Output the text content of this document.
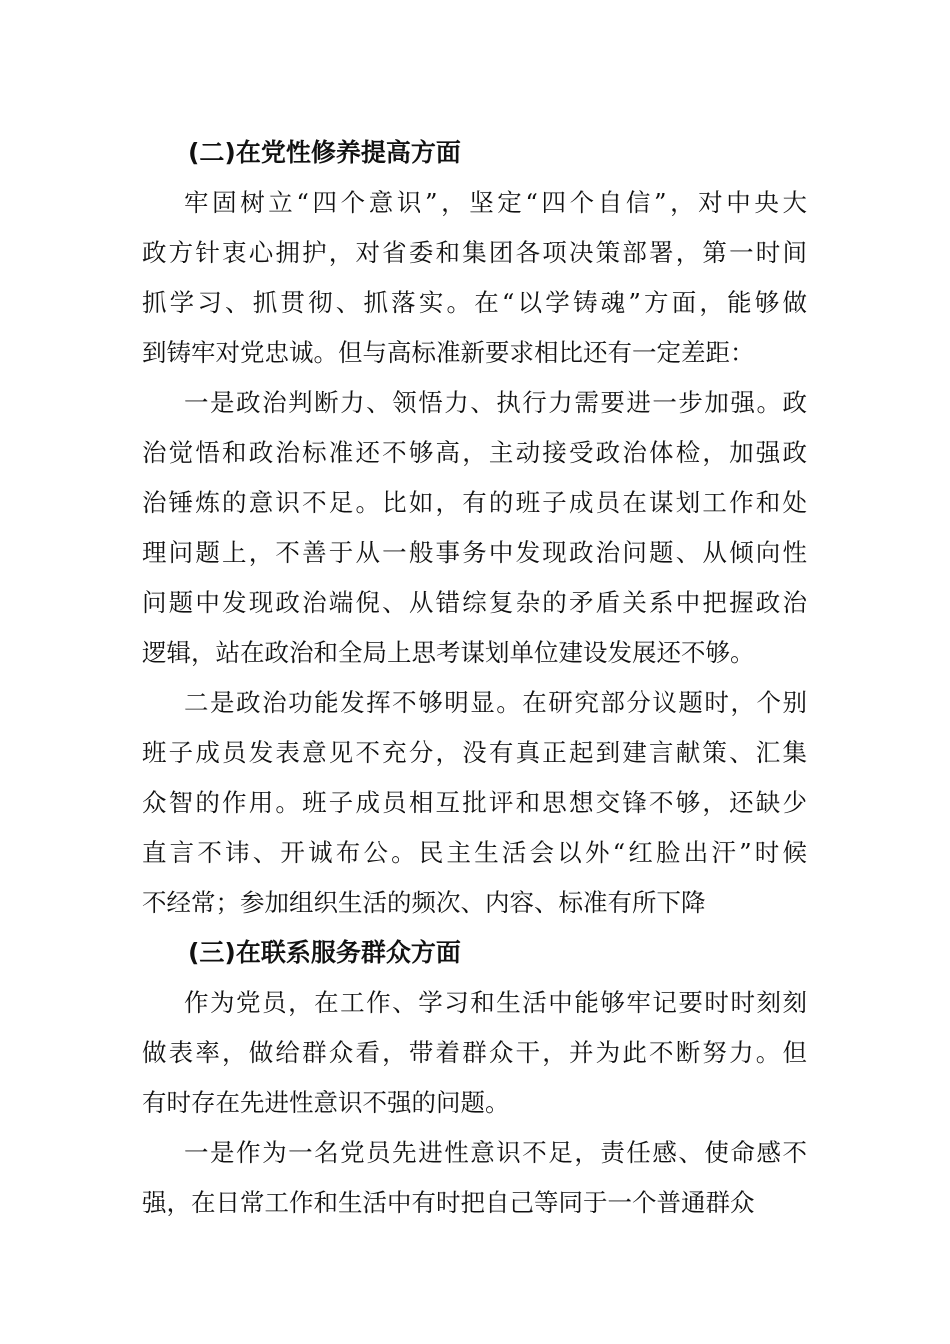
(二)在党性修养提高方面
牢固树立“四个意识”，坚定“四个自信”，对中央大
政方针衷心拥护，对省委和集团各项决策部署，第一时间
抓学习、抓贯彻、抓落实。在“以学铸魂”方面，能够做
到铸牢对党忠诚。但与高标准新要求相比还有一定差距：
一是政治判断力、领悟力、执行力需要进一步加强。政
治觉悟和政治标准还不够高，主动接受政治体检，加强政
治锤炼的意识不足。比如，有的班子成员在谋划工作和处
理问题上，不善于从一般事务中发现政治问题、从倾向性
问题中发现政治端倪、从错综复杂的矛盾关系中把握政治
逻辑，站在政治和全局上思考谋划单位建设发展还不够。
二是政治功能发挥不够明显。在研究部分议题时，个别
班子成员发表意见不充分，没有真正起到建言献策、汇集
众智的作用。班子成员相互批评和思想交锋不够，还缺少
直言不讳、开诚布公。民主生活会以外“红脸出汗”时候
不经常；参加组织生活的频次、内容、标准有所下降
(三)在联系服务群众方面
作为党员，在工作、学习和生活中能够牢记要时时刻刻
做表率，做给群众看，带着群众干，并为此不断努力。但
有时存在先进性意识不强的问题。
一是作为一名党员先进性意识不足，责任感、使命感不
强，在日常工作和生活中有时把自己等同于一个普通群众
